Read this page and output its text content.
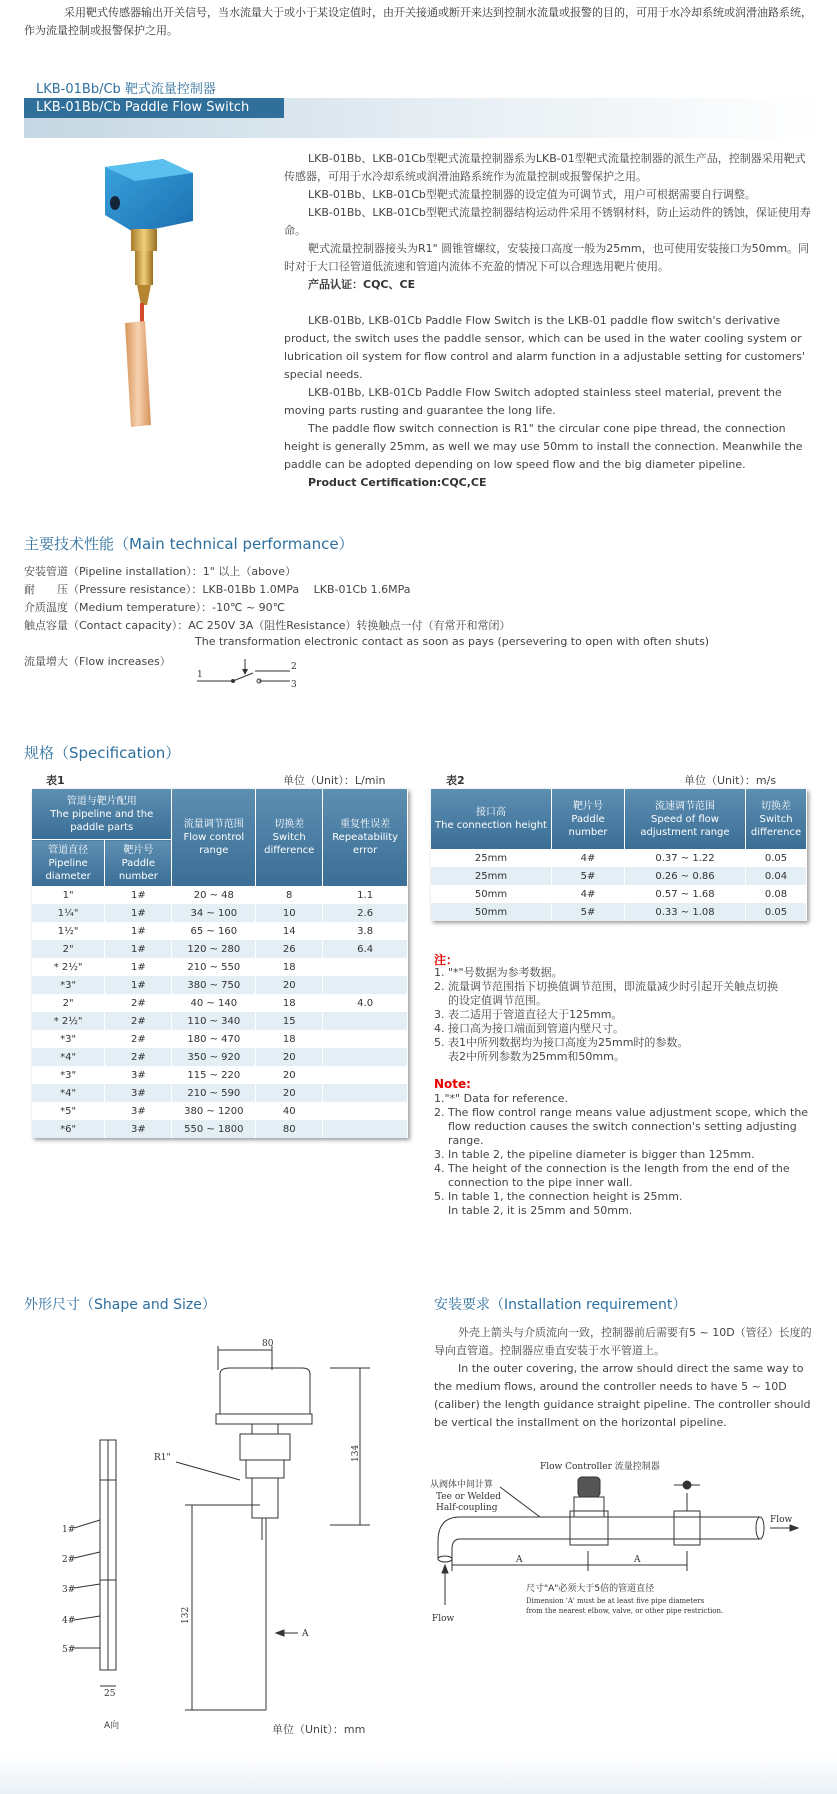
采用靶式传感器输出开关信号，当水流量大于或小于某设定值时，由开关接通或断开来达到控制水流量或报警的目的，可用于水冷却系统或润滑油路系统，作为流量控制或报警保护之用。
LKB-01Bb/Cb 靶式流量控制器
LKB-01Bb/Cb Paddle Flow Switch

LKB-01Bb、LKB-01Cb型靶式流量控制器系为LKB-01型靶式流量控制器的派生产品，控制器采用靶式传感器，可用于水冷却系统或润滑油路系统作为流量控制或报警保护之用。

LKB-01Bb、LKB-01Cb型靶式流量控制器的设定值为可调节式，用户可根据需要自行调整。

LKB-01Bb、LKB-01Cb型靶式流量控制器结构运动件采用不锈钢材料，防止运动件的锈蚀，保证使用寿命。

靶式流量控制器接头为R1" 圆锥管螺纹，安装接口高度一般为25mm，也可使用安装接口为50mm。同时对于大口径管道低流速和管道内流体不充盈的情况下可以合理选用靶片使用。

产品认证：CQC、CE

LKB-01Bb, LKB-01Cb Paddle Flow Switch is the LKB-01 paddle flow switch's derivative product, the switch uses the paddle sensor, which can be used in the water cooling system or lubrication oil system for flow control and alarm function in a adjustable setting for customers' special needs.

LKB-01Bb, LKB-01Cb Paddle Flow Switch adopted stainless steel material, prevent the moving parts rusting and guarantee the long life.

The paddle flow switch connection is R1" the circular cone pipe thread, the connection height is generally 25mm, as well we may use 50mm to install the connection. Meanwhile the paddle can be adopted depending on low speed flow and the big diameter pipeline.

Product Certification:CQC,CE

主要技术性能（Main technical performance）
安装管道（Pipeline installation）：1" 以上（above）
耐　　压（Pressure resistance）：LKB-01Bb 1.0MPa　 LKB-01Cb 1.6MPa
介质温度（Medium temperature）：-10℃ ~ 90℃
触点容量（Contact capacity）：AC 250V 3A（阻性Resistance）转换触点一付（有常开和常闭）
The transformation electronic contact as soon as pays (persevering to open with often shuts)
流量增大（Flow increases）
1
2
3
规格（Specification）
表1	单位（Unit）：L/min
管道与靶片配用
The pipeline and the paddle parts		流量调节范围
Flow control range	切换差
Switch difference	重复性误差
Repeatability error
管道直径
Pipeline diameter	靶片号
Paddle number			
1"	1#	20 ~ 48	8	1.1
1¼"	1#	34 ~ 100	10	2.6
1½"	1#	65 ~ 160	14	3.8
2"	1#	120 ~ 280	26	6.4
* 2½"	1#	210 ~ 550	18	
*3"	1#	380 ~ 750	20	
2"	2#	40 ~ 140	18	4.0
* 2½"	2#	110 ~ 340	15	
*3"	2#	180 ~ 470	18	
*4"	2#	350 ~ 920	20	
*3"	3#	115 ~ 220	20	
*4"	3#	210 ~ 590	20	
*5"	3#	380 ~ 1200	40	
*6"	3#	550 ~ 1800	80	
表2	单位（Unit）：m/s
接口高
The connection height	靶片号
Paddle number	流速调节范围
Speed of flow adjustment range	切换差
Switch difference
25mm	4#	0.37 ~ 1.22	0.05
25mm	5#	0.26 ~ 0.86	0.04
50mm	4#	0.57 ~ 1.68	0.08
50mm	5#	0.33 ~ 1.08	0.05
注：
1. "*"号数据为参考数据。
2. 流量调节范围指下切换值调节范围，即流量减少时引起开关触点切换
的设定值调节范围。
3. 表二适用于管道直径大于125mm。
4. 接口高为接口端面到管道内壁尺寸。
5. 表1中所列数据均为接口高度为25mm时的参数。
表2中所列参数为25mm和50mm。
Note:
1."*" Data for reference.
2. The flow control range means value adjustment scope, which the
flow reduction causes the switch connection's setting adjusting
range.
3. In table 2, the pipeline diameter is bigger than 125mm.
4. The height of the connection is the length from the end of the
connection to the pipe inner wall.
5. In table 1, the connection height is 25mm.
In table 2, it is 25mm and 50mm.
外形尺寸（Shape and Size）
80
R1"	134
132
A
1#
2#
3#
4#
5#
25
A向	单位（Unit）：mm
安装要求（Installation requirement）
外壳上箭头与介质流向一致，控制器前后需要有5 ~ 10D（管径）长度的导向直管道。控制器应垂直安装于水平管道上。
In the outer covering, the arrow should direct the same way to the medium flows, around the controller needs to have 5 ~ 10D (caliber) the length guidance straight pipeline. The controller should be vertical the installment on the horizontal pipeline.
Flow Controller 流量控制器
从阀体中间计算
Tee or Welded
Half-coupling
Flow
Flow
A	A
尺寸"A"必须大于5倍的管道直径
Dimension 'A' must be at least five pipe diameters
from the nearest elbow, valve, or other pipe restriction.
